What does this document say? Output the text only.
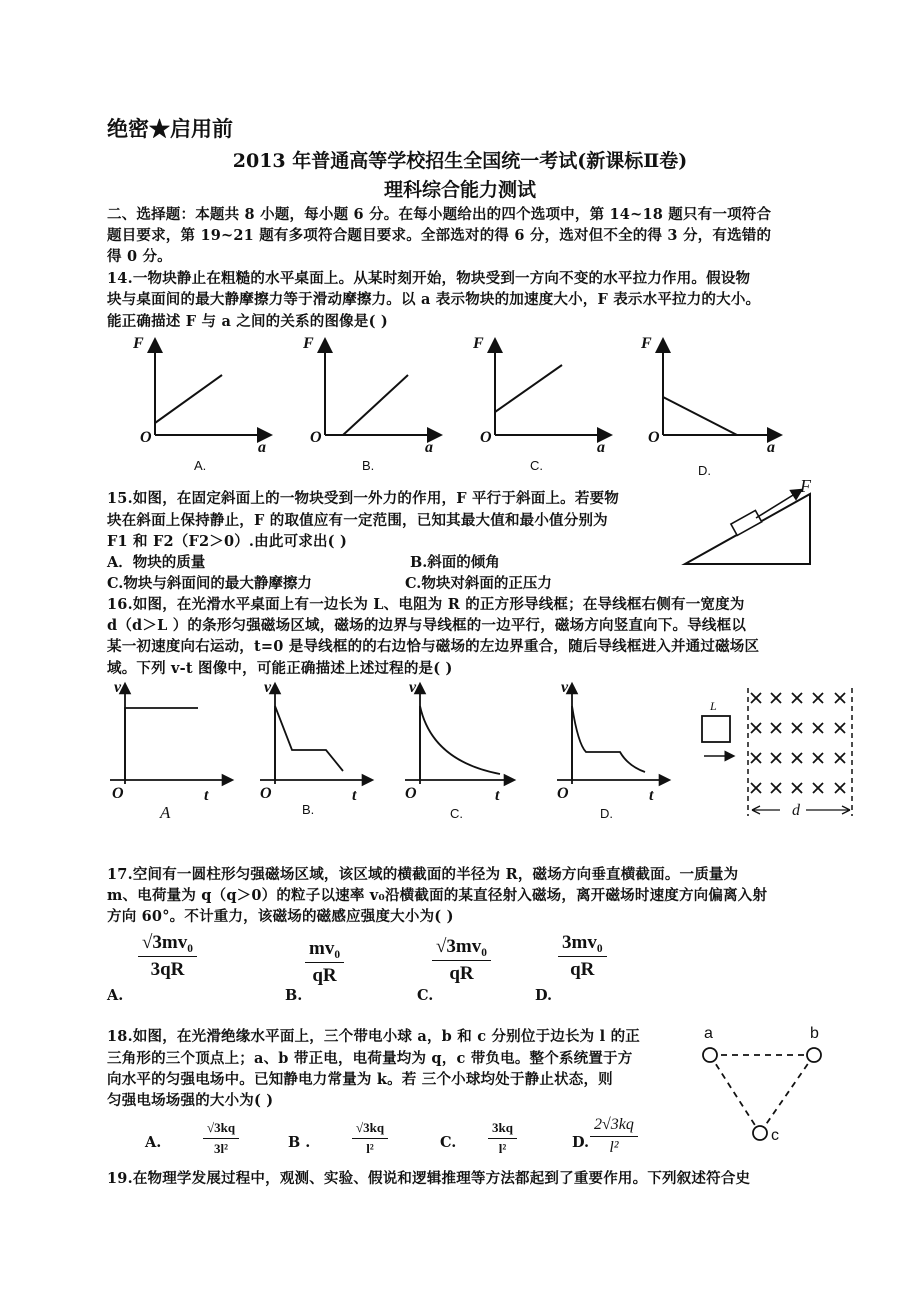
绝密★启用前
2013 年普通高等学校招生全国统一考试(新课标Ⅱ卷)
理科综合能力测试
二、选择题：本题共 8 小题，每小题 6 分。在每小题给出的四个选项中，第 14~18 题只有一项符合
题目要求，第 19~21 题有多项符合题目要求。全部选对的得 6 分，选对但不全的得 3 分，有选错的
得 0 分。
14.一物块静止在粗糙的水平桌面上。从某时刻开始，物块受到一方向不变的水平拉力作用。假设物
块与桌面间的最大静摩擦力等于滑动摩擦力。以 a 表示物块的加速度大小，F 表示水平拉力的大小。
能正确描述 F 与 a 之间的关系的图像是( )
F
O
a
A.
F
O
a
B.
F
O
a
C.
F
O
a
D.
15.如图，在固定斜面上的一物块受到一外力的作用，F 平行于斜面上。若要物
块在斜面上保持静止，F 的取值应有一定范围，已知其最大值和最小值分别为
F1 和 F2（F2＞0）.由此可求出( )
A．物块的质量	B.斜面的倾角
C.物块与斜面间的最大静摩擦力	C.物块对斜面的正压力
F
16.如图，在光滑水平桌面上有一边长为 L、电阻为 R 的正方形导线框；在导线框右侧有一宽度为
d（d＞L ）的条形匀强磁场区域，磁场的边界与导线框的一边平行，磁场方向竖直向下。导线框以
某一初速度向右运动，t=0 是导线框的的右边恰与磁场的左边界重合，随后导线框进入并通过磁场区
域。下列 v-t 图像中，可能正确描述上述过程的是( )
v
O	t
A
v
O	t
B.
v
O	t
C.
v
O	t
D.
L
d
17.空间有一圆柱形匀强磁场区域，该区域的横截面的半径为 R，磁场方向垂直横截面。一质量为
m、电荷量为 q（q＞0）的粒子以速率 v₀沿横截面的某直径射入磁场，离开磁场时速度方向偏离入射
方向 60°。不计重力，该磁场的磁感应强度大小为( )
A.
$\frac{\text{√3mv₀}}{3qR}$
B.
$\frac{\text{mv₀}}{qR}$
C.
$\frac{\text{√3mv₀}}{qR}$
D.
$\frac{\text{3mv₀}}{qR}$
18.如图，在光滑绝缘水平面上，三个带电小球 a，b 和 c 分别位于边长为 l 的正
三角形的三个顶点上；a、b 带正电，电荷量均为 q，c 带负电。整个系统置于方
向水平的匀强电场中。已知静电力常量为 k。若 三个小球均处于静止状态，则
匀强电场场强的大小为( )
a	b
c
A.	$\frac{√3kq}{\text{3l²}}$	B .	$\frac{√3kq}{\text{l²}}$	C. $\frac{3kq}{\text{l²}}$	D. $\frac{2√3kq}{\text{l²}}$
19.在物理学发展过程中，观测、实验、假说和逻辑推理等方法都起到了重要作用。下列叙述符合史
